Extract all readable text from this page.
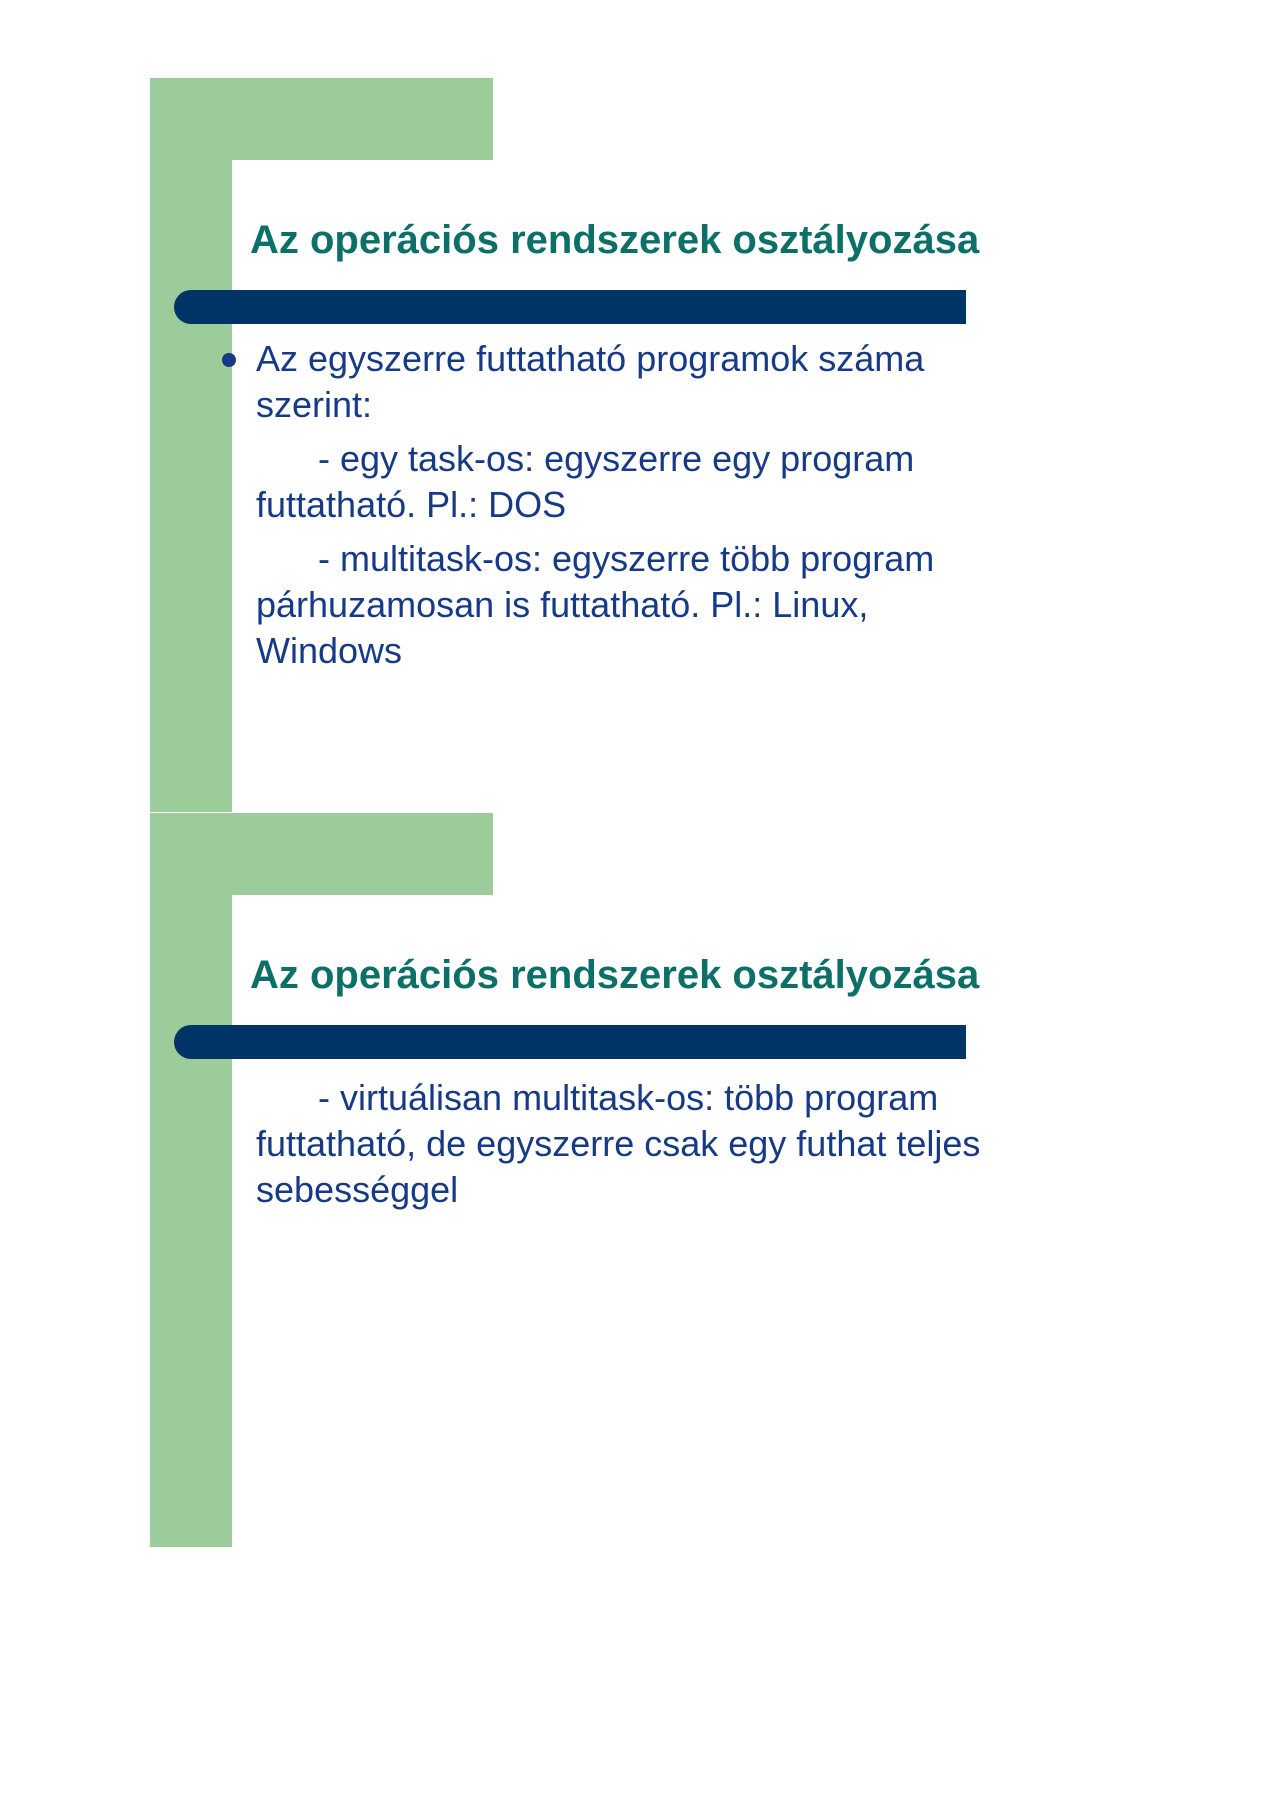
Az operációs rendszerek osztályozása

Az egyszerre futtatható programok száma szerint:

- egy task-os: egyszerre egy program
futtatható. Pl.: DOS

- multitask-os: egyszerre több program
párhuzamosan is futtatható. Pl.: Linux, Windows

Az operációs rendszerek osztályozása

- virtuálisan multitask-os: több program
futtatható, de egyszerre csak egy futhat teljes sebességgel
